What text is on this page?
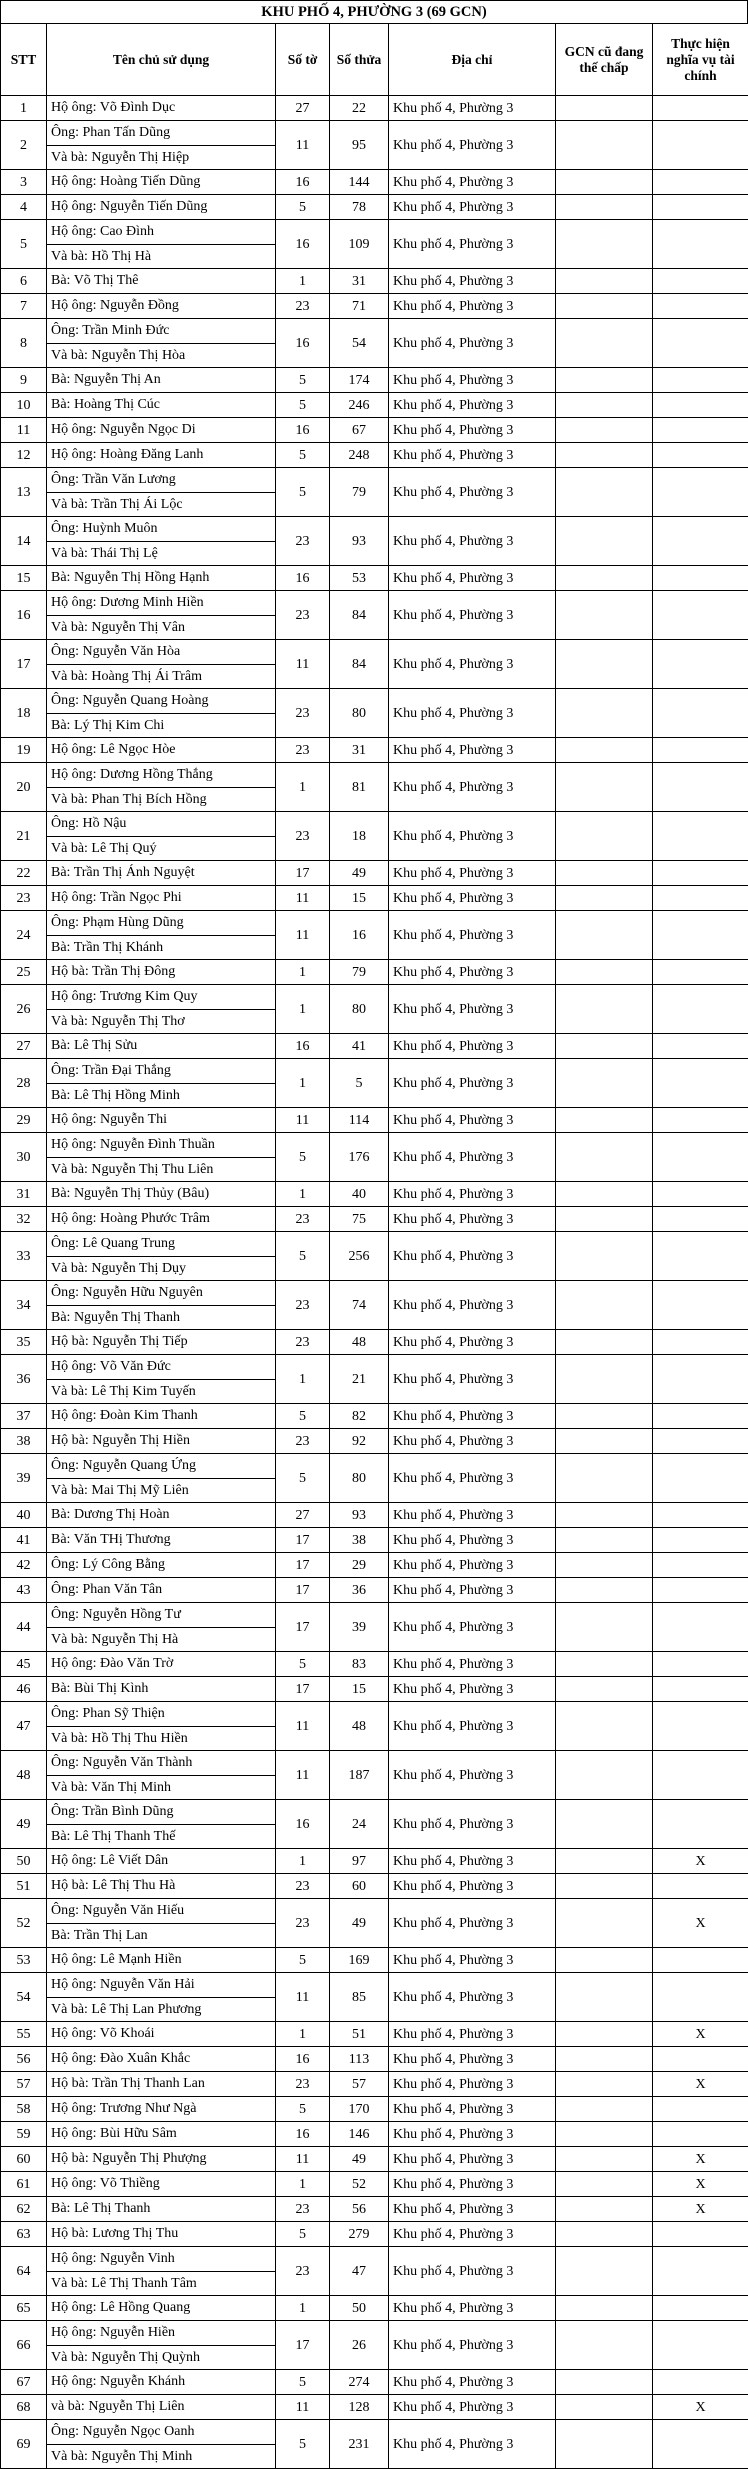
KHU PHỐ 4, PHƯỜNG 3 (69 GCN)
STT	Tên chủ sử dụng	Số tờ	Số thửa	Địa chỉ	GCN cũ đang thế chấp	Thực hiện nghĩa vụ tài chính
1	Hộ ông: Võ Đình Dục	27	22	Khu phố 4, Phường 3		
2	Ông: Phan Tấn Dũng
Và bà: Nguyễn Thị Hiệp	11	95	Khu phố 4, Phường 3		
3	Hộ ông: Hoàng Tiến Dũng	16	144	Khu phố 4, Phường 3		
4	Hộ ông: Nguyễn Tiến Dũng	5	78	Khu phố 4, Phường 3		
5	Hộ ông: Cao Đình
Và bà: Hồ Thị Hà	16	109	Khu phố 4, Phường 3		
6	Bà: Võ Thị Thê	1	31	Khu phố 4, Phường 3		
7	Hộ ông: Nguyễn Đồng	23	71	Khu phố 4, Phường 3		
8	Ông: Trần Minh Đức
Và bà: Nguyễn Thị Hòa	16	54	Khu phố 4, Phường 3		
9	Bà: Nguyễn Thị An	5	174	Khu phố 4, Phường 3		
10	Bà: Hoàng Thị Cúc	5	246	Khu phố 4, Phường 3		
11	Hộ ông: Nguyễn Ngọc Di	16	67	Khu phố 4, Phường 3		
12	Hộ ông: Hoàng Đăng Lanh	5	248	Khu phố 4, Phường 3		
13	Ông: Trần Văn Lương
Và bà: Trần Thị Ái Lộc	5	79	Khu phố 4, Phường 3		
14	Ông: Huỳnh Muôn
Và bà: Thái Thị Lệ	23	93	Khu phố 4, Phường 3		
15	Bà: Nguyễn Thị Hồng Hạnh	16	53	Khu phố 4, Phường 3		
16	Hộ ông: Dương Minh Hiền
Và bà: Nguyễn Thị Vân	23	84	Khu phố 4, Phường 3		
17	Ông: Nguyễn Văn Hòa
Và bà: Hoàng Thị Ái Trâm	11	84	Khu phố 4, Phường 3		
18	Ông: Nguyễn Quang Hoàng
Bà: Lý Thị Kim Chi	23	80	Khu phố 4, Phường 3		
19	Hộ ông: Lê Ngọc Hòe	23	31	Khu phố 4, Phường 3		
20	Hộ ông: Dương Hồng Thắng
Và bà: Phan Thị Bích Hồng	1	81	Khu phố 4, Phường 3		
21	Ông: Hồ Nậu
Và bà: Lê Thị Quý	23	18	Khu phố 4, Phường 3		
22	Bà: Trần Thị Ánh Nguyệt	17	49	Khu phố 4, Phường 3		
23	Hộ ông: Trần Ngọc Phi	11	15	Khu phố 4, Phường 3		
24	Ông: Phạm Hùng Dũng
Bà: Trần Thị Khánh	11	16	Khu phố 4, Phường 3		
25	Hộ bà: Trần Thị Đông	1	79	Khu phố 4, Phường 3		
26	Hộ ông: Trương Kim Quy
Và bà: Nguyễn Thị Thơ	1	80	Khu phố 4, Phường 3		
27	Bà: Lê Thị Sửu	16	41	Khu phố 4, Phường 3		
28	Ông: Trần Đại Thắng
Bà: Lê Thị Hồng Minh	1	5	Khu phố 4, Phường 3		
29	Hộ ông: Nguyễn Thi	11	114	Khu phố 4, Phường 3		
30	Hộ ông: Nguyễn Đình Thuần
Và bà: Nguyễn Thị Thu Liên	5	176	Khu phố 4, Phường 3		
31	Bà: Nguyễn Thị Thủy (Bâu)	1	40	Khu phố 4, Phường 3		
32	Hộ ông: Hoàng Phước Trâm	23	75	Khu phố 4, Phường 3		
33	Ông: Lê Quang Trung
Và bà: Nguyễn Thị Dụy	5	256	Khu phố 4, Phường 3		
34	Ông: Nguyễn Hữu Nguyên
Bà: Nguyễn Thị Thanh	23	74	Khu phố 4, Phường 3		
35	Hộ bà: Nguyễn Thị Tiếp	23	48	Khu phố 4, Phường 3		
36	Hộ ông: Võ Văn Đức
Và bà: Lê Thị Kim Tuyến	1	21	Khu phố 4, Phường 3		
37	Hộ ông: Đoàn Kim Thanh	5	82	Khu phố 4, Phường 3		
38	Hộ bà: Nguyễn Thị Hiền	23	92	Khu phố 4, Phường 3		
39	Ông: Nguyễn Quang Ứng
Và bà: Mai Thị Mỹ Liên	5	80	Khu phố 4, Phường 3		
40	Bà: Dương Thị Hoàn	27	93	Khu phố 4, Phường 3		
41	Bà: Văn THị Thương	17	38	Khu phố 4, Phường 3		
42	Ông: Lý Công Bằng	17	29	Khu phố 4, Phường 3		
43	Ông: Phan Văn Tân	17	36	Khu phố 4, Phường 3		
44	Ông: Nguyễn Hồng Tư
Và bà: Nguyễn Thị Hà	17	39	Khu phố 4, Phường 3		
45	Hộ ông: Đào Văn Trờ	5	83	Khu phố 4, Phường 3		
46	Bà: Bùi Thị Kình	17	15	Khu phố 4, Phường 3		
47	Ông: Phan Sỹ Thiện
Và bà: Hồ Thị Thu Hiền	11	48	Khu phố 4, Phường 3		
48	Ông: Nguyễn Văn Thành
Và bà: Văn Thị Minh	11	187	Khu phố 4, Phường 3		
49	Ông: Trần Bình Dũng
Bà: Lê Thị Thanh Thế	16	24	Khu phố 4, Phường 3		
50	Hộ ông: Lê Viết Dân	1	97	Khu phố 4, Phường 3		X
51	Hộ bà: Lê Thị Thu Hà	23	60	Khu phố 4, Phường 3		
52	Ông: Nguyễn Văn Hiếu
Bà: Trần Thị Lan	23	49	Khu phố 4, Phường 3		X
53	Hộ ông: Lê Mạnh Hiền	5	169	Khu phố 4, Phường 3		
54	Hộ ông: Nguyễn Văn Hải
Và bà: Lê Thị Lan Phương	11	85	Khu phố 4, Phường 3		
55	Hộ ông: Võ Khoái	1	51	Khu phố 4, Phường 3		X
56	Hộ ông: Đào Xuân Khắc	16	113	Khu phố 4, Phường 3		
57	Hộ bà: Trần Thị Thanh Lan	23	57	Khu phố 4, Phường 3		X
58	Hộ ông: Trương Như Ngà	5	170	Khu phố 4, Phường 3		
59	Hộ ông: Bùi Hữu Sâm	16	146	Khu phố 4, Phường 3		
60	Hộ bà: Nguyễn Thị Phượng	11	49	Khu phố 4, Phường 3		X
61	Hộ ông: Võ Thiềng	1	52	Khu phố 4, Phường 3		X
62	Bà: Lê Thị Thanh	23	56	Khu phố 4, Phường 3		X
63	Hộ bà: Lương Thị Thu	5	279	Khu phố 4, Phường 3		
64	Hộ ông: Nguyễn Vinh
Và bà: Lê Thị Thanh Tâm	23	47	Khu phố 4, Phường 3		
65	Hộ ông: Lê Hồng Quang	1	50	Khu phố 4, Phường 3		
66	Hộ ông: Nguyễn Hiền
Và bà: Nguyễn Thị Quỳnh	17	26	Khu phố 4, Phường 3		
67	Hộ ông: Nguyễn Khánh	5	274	Khu phố 4, Phường 3		
68	và bà: Nguyễn Thị Liên	11	128	Khu phố 4, Phường 3		X
69	Ông: Nguyễn Ngọc Oanh
Và bà: Nguyễn Thị Minh	5	231	Khu phố 4, Phường 3		
